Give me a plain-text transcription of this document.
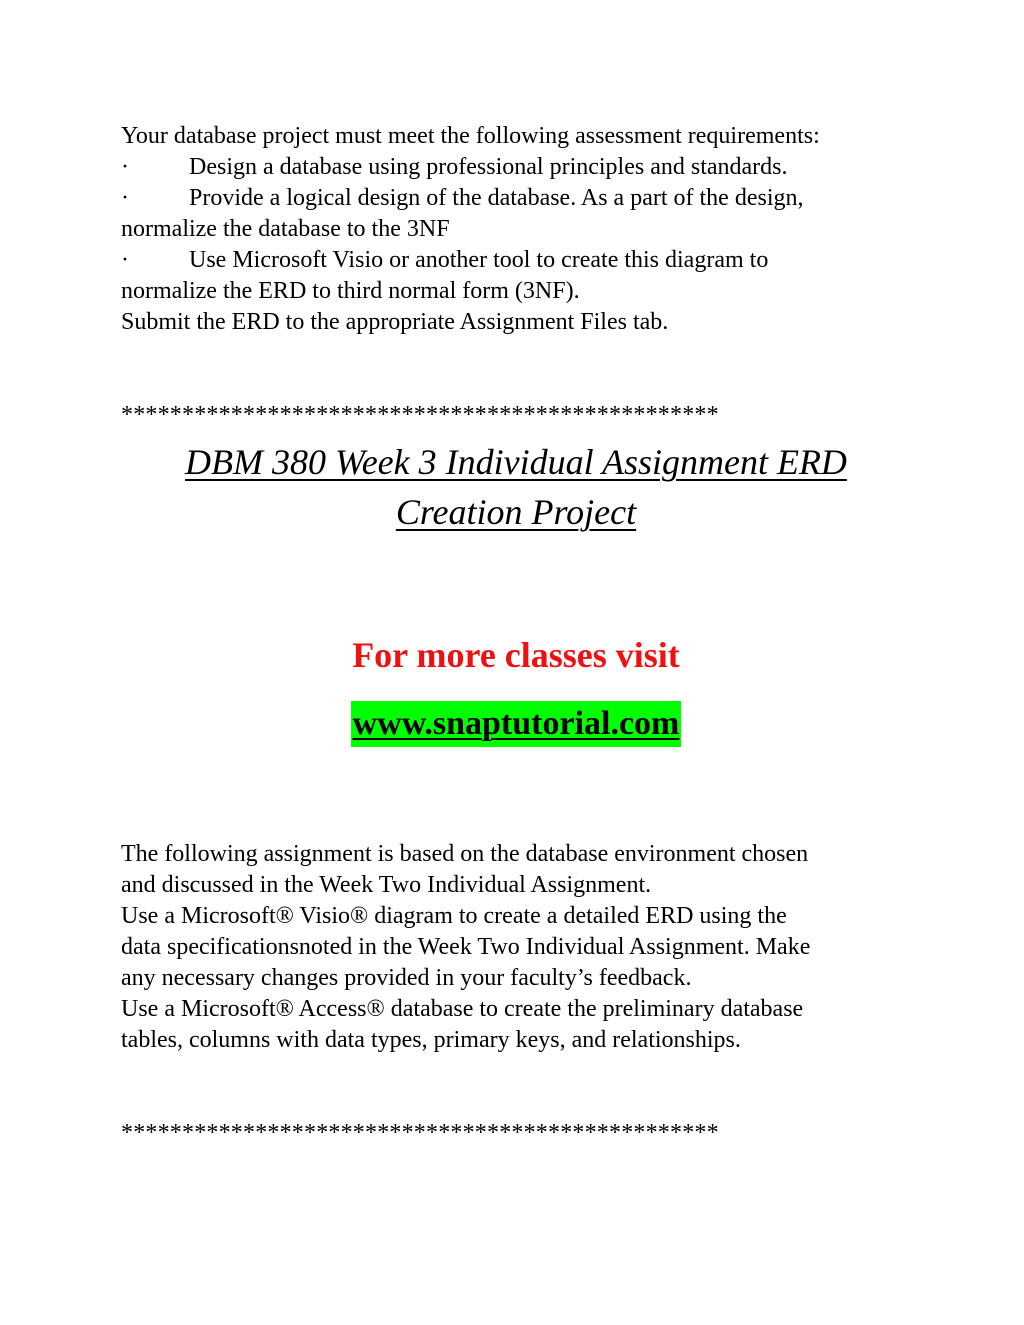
Your database project must meet the following assessment requirements:
·	Design a database using professional principles and standards.
·	Provide a logical design of the database. As a part of the design,
normalize the database to the 3NF
·	Use Microsoft Visio or another tool to create this diagram to
normalize the ERD to third normal form (3NF).
Submit the ERD to the appropriate Assignment Files tab.

*************************************************

DBM 380 Week 3 Individual Assignment ERD

Creation Project

For more classes visit

www.snaptutorial.com

The following assignment is based on the database environment chosen
and discussed in the Week Two Individual Assignment.
Use a Microsoft® Visio® diagram to create a detailed ERD using the
data specificationsnoted in the Week Two Individual Assignment. Make
any necessary changes provided in your faculty’s feedback.
Use a Microsoft® Access® database to create the preliminary database
tables, columns with data types, primary keys, and relationships.

*************************************************
